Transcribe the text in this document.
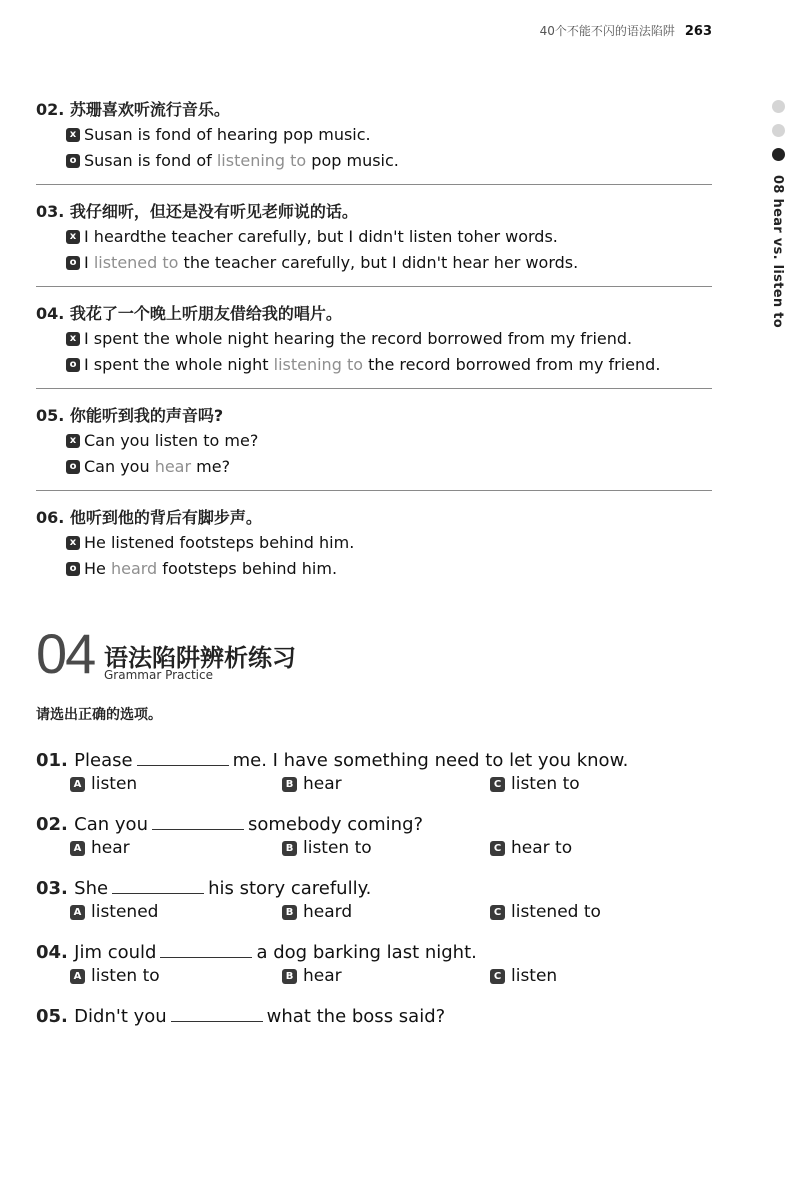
40个不能不闪的语法陷阱 263
08 hear vs. listen to
02. 苏珊喜欢听流行音乐。
x Susan is fond of hearing pop music.
o Susan is fond of listening to pop music.
03. 我仔细听，但还是没有听见老师说的话。
x I heardthe teacher carefully, but I didn't listen toher words.
o I listened to the teacher carefully, but I didn't hear her words.
04. 我花了一个晚上听朋友借给我的唱片。
x I spent the whole night hearing the record borrowed from my friend.
o I spent the whole night listening to the record borrowed from my friend.
05. 你能听到我的声音吗?
x Can you listen to me?
o Can you hear me?
06. 他听到他的背后有脚步声。
x He listened footsteps behind him.
o He heard footsteps behind him.
04 语法陷阱辨析练习
Grammar Practice
请选出正确的选项。
01. Please	me. I have something need to let you know.
A listen	B hear	C listen to
02. Can you	somebody coming?
A hear	B listen to	C hear to
03. She	his story carefully.
A listened	B heard	C listened to
04. Jim could	a dog barking last night.
A listen to	B hear	C listen
05. Didn't you	what the boss said?
